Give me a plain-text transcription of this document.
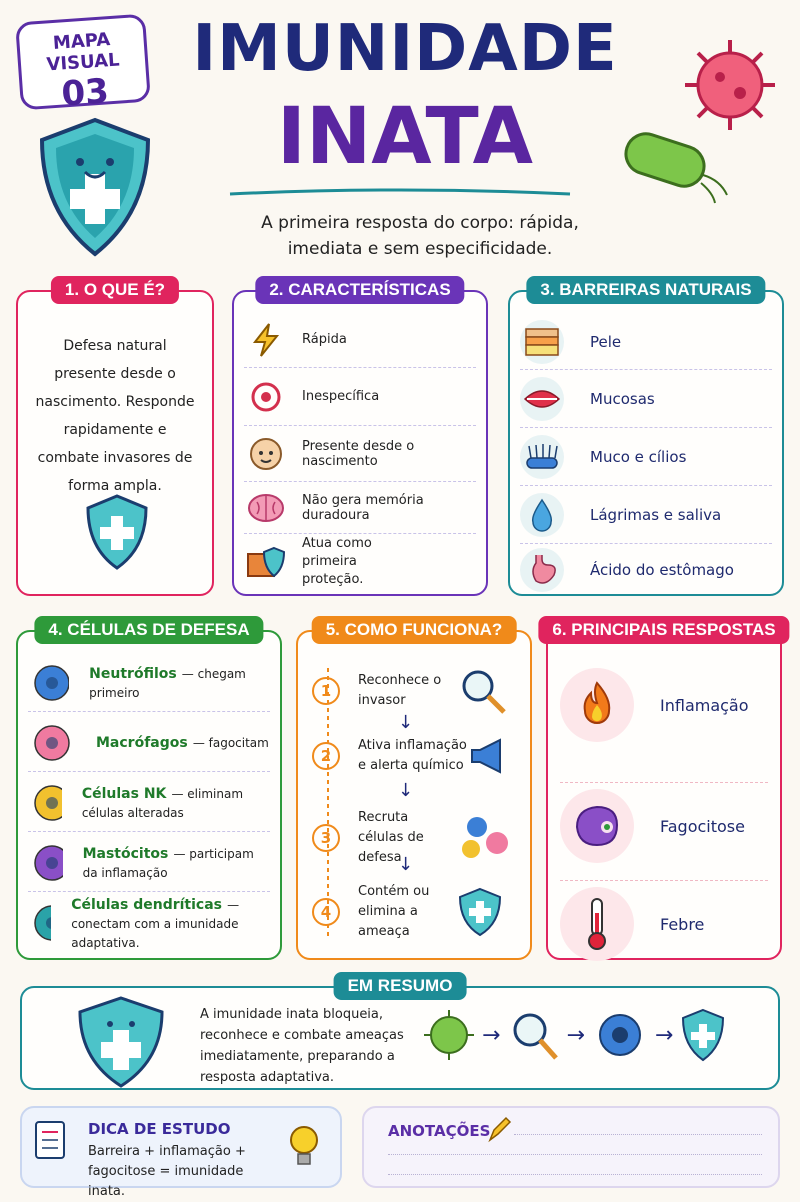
MAPA VISUAL
03
IMUNIDADE
INATA
A primeira resposta do corpo: rápida, imediata e sem especificidade.
1. O QUE É?
Defesa natural presente desde o nascimento. Responde rapidamente e combate invasores de forma ampla.
2. CARACTERÍSTICAS
Rápida
Inespecífica
Presente desde o nascimento
Não gera memória duradoura
Atua como primeira proteção.
3. BARREIRAS NATURAIS
Pele
Mucosas
Muco e cílios
Lágrimas e saliva
Ácido do estômago
4. CÉLULAS DE DEFESA
Neutrófilos — chegam primeiro
Macrófagos — fagocitam
Células NK — eliminam células alteradas
Mastócitos — participam da inflamação
Células dendríticas — conectam com a imunidade adaptativa.
5. COMO FUNCIONA?
1
Reconhece o invasor
↓
2
Ativa inflamação e alerta químico
↓
3
Recruta células de defesa
↓
4
Contém ou elimina a ameaça
6. PRINCIPAIS RESPOSTAS
Inflamação
Fagocitose
Febre
EM RESUMO
A imunidade inata bloqueia, reconhece e combate ameaças imediatamente, preparando a resposta adaptativa.
→	→	→
DICA DE ESTUDO
Barreira + inflamação + fagocitose = imunidade inata.
ANOTAÇÕES
